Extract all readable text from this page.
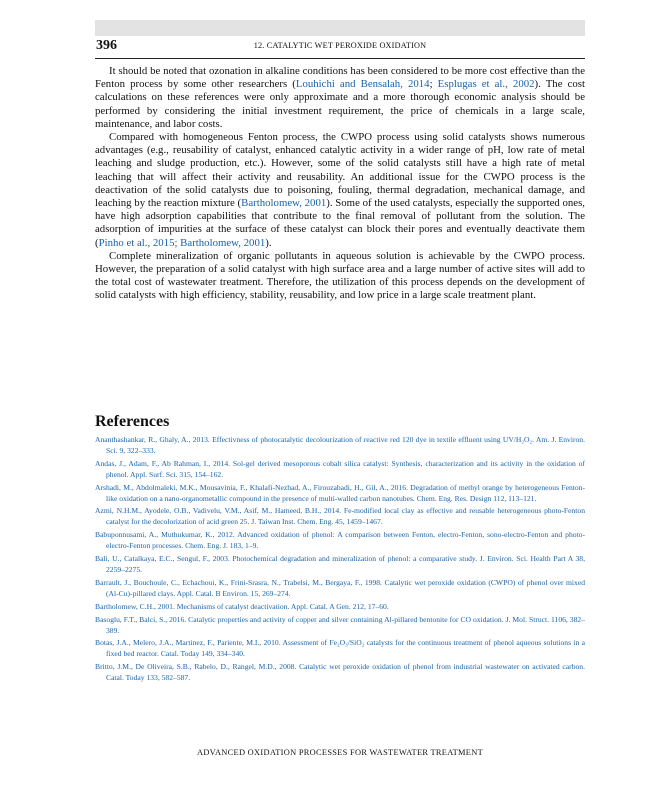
396	12. CATALYTIC WET PEROXIDE OXIDATION

It should be noted that ozonation in alkaline conditions has been considered to be more cost effective than the Fenton process by some other researchers (Louhichi and Bensalah, 2014; Esplugas et al., 2002). The cost calculations on these references were only approximate and a more thorough economic analysis should be performed by considering the initial investment requirement, the price of chemicals in a large scale, maintenance, and labor costs.

Compared with homogeneous Fenton process, the CWPO process using solid catalysts shows numerous advantages (e.g., reusability of catalyst, enhanced catalytic activity in a wider range of pH, low rate of metal leaching and sludge production, etc.). However, some of the solid catalysts still have a high rate of metal leaching that will affect their activity and reusability. An additional issue for the CWPO process is the deactivation of the solid catalysts due to poisoning, fouling, thermal degradation, mechanical damage, and leaching by the reaction mixture (Bartholomew, 2001). Some of the used catalysts, especially the supported ones, have high adsorption capabilities that contribute to the final removal of pollutant from the solution. The adsorption of impurities at the surface of these catalyst can block their pores and eventually deactivate them (Pinho et al., 2015; Bartholomew, 2001).

Complete mineralization of organic pollutants in aqueous solution is achievable by the CWPO process. However, the preparation of a solid catalyst with high surface area and a large number of active sites will add to the total cost of wastewater treatment. Therefore, the utilization of this process depends on the development of solid catalysts with high efficiency, stability, reusability, and low price in a large scale treatment plant.

References

Ananthashankar, R., Ghaly, A., 2013. Effectivness of photocatalytic decolourization of reactive red 120 dye in textile effluent using UV/H₂O₂. Am. J. Environ. Sci. 9, 322–333.

Andas, J., Adam, F., Ab Rahman, I., 2014. Sol-gel derived mesoporous cobalt silica catalyst: Synthesis, characterization and its activity in the oxidation of phenol. Appl. Surf. Sci. 315, 154–162.

Arshadi, M., Abdolmaleki, M.K., Mousavinia, F., Khalafi-Nezhad, A., Firouzabadi, H., Gil, A., 2016. Degradation of methyl orange by heterogeneous Fenton-like oxidation on a nano-organometallic compound in the presence of multi-walled carbon nanotubes. Chem. Eng. Res. Design 112, 113–121.

Azmi, N.H.M., Ayodele, O.B., Vadivelu, V.M., Asif, M., Hameed, B.H., 2014. Fe-modified local clay as effective and reusable heterogeneous photo-Fenton catalyst for the decolorization of acid green 25. J. Taiwan Inst. Chem. Eng. 45, 1459–1467.

Babuponnusami, A., Muthukumar, K., 2012. Advanced oxidation of phenol: A comparison between Fenton, electro-Fenton, sono-electro-Fenton and photo-electro-Fenton processes. Chem. Eng. J. 183, 1–9.

Bali, U., Catalkaya, E.C., Sengul, F., 2003. Photochemical degradation and mineralization of phenol: a comparative study. J. Environ. Sci. Health Part A 38, 2259–2275.

Barrault, J., Bouchoule, C., Echachoui, K., Frini-Srasra, N., Trabelsi, M., Bergaya, F., 1998. Catalytic wet peroxide oxidation (CWPO) of phenol over mixed (Al-Cu)-pillared clays. Appl. Catal. B Environ. 15, 269–274.

Bartholomew, C.H., 2001. Mechanisms of catalyst deactivation. Appl. Catal. A Gen. 212, 17–60.

Basoglu, F.T., Balci, S., 2016. Catalytic properties and activity of copper and silver containing Al-pillared bentonite for CO oxidation. J. Mol. Struct. 1106, 382–389.

Botas, J.A., Melero, J.A., Martinez, F., Pariente, M.I., 2010. Assessment of Fe₂O₃/SiO₂ catalysts for the continuous treatment of phenol aqueous solutions in a fixed bed reactor. Catal. Today 149, 334–340.

Britto, J.M., De Oliveira, S.B., Rabelo, D., Rangel, M.D., 2008. Catalytic wet peroxide oxidation of phenol from industrial wastewater on activated carbon. Catal. Today 133, 582–587.

ADVANCED OXIDATION PROCESSES FOR WASTEWATER TREATMENT
